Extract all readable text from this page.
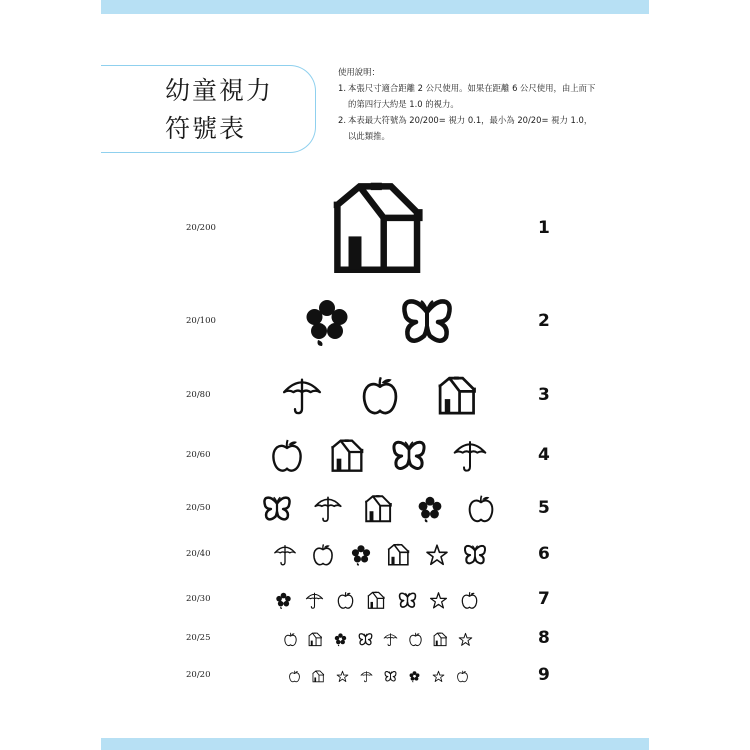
幼童視力
符號表
使用說明：
1. 本張尺寸適合距離 2 公尺使用。如果在距離 6 公尺使用，由上而下的第四行大約是 1.0 的視力。
2. 本表最大符號為 20/200= 視力 0.1，最小為 20/20= 視力 1.0，以此類推。
20/200	1
20/100	2
20/80	3
20/60	4
20/50	5
20/40	6
20/30	7
20/25	8
20/20	9
